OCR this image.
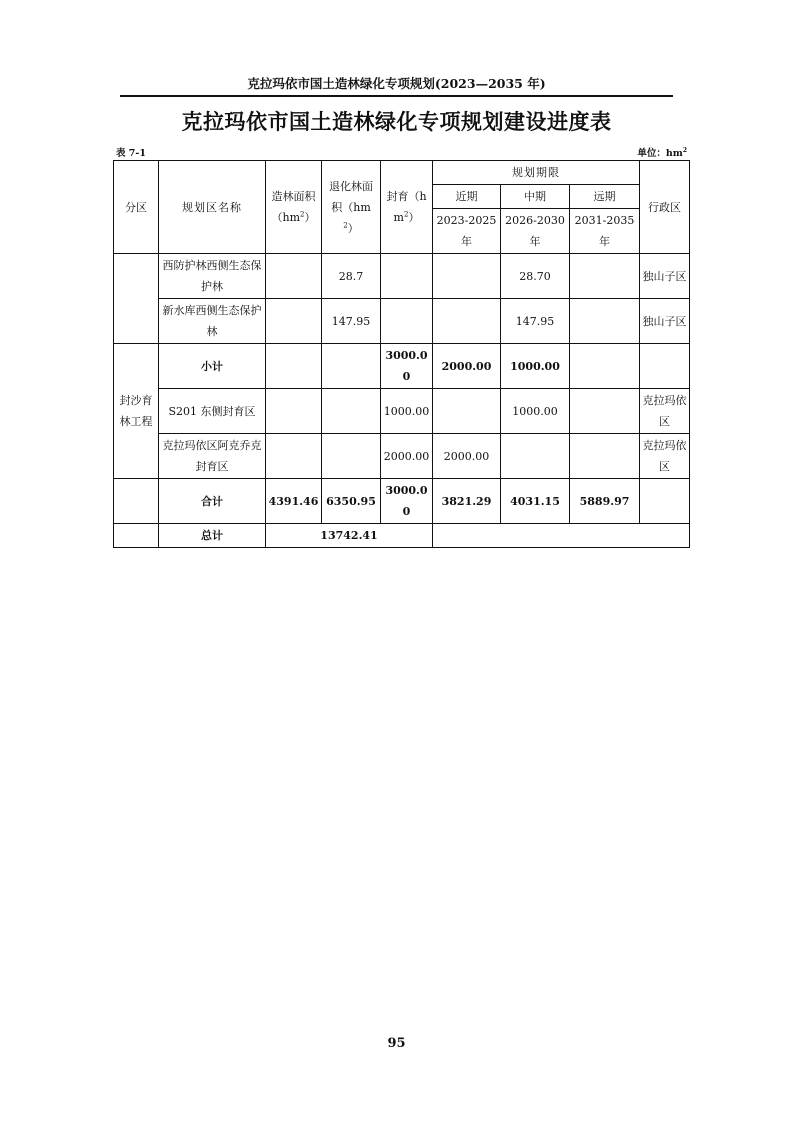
克拉玛依市国土造林绿化专项规划(2023—2035 年)
克拉玛依市国土造林绿化专项规划建设进度表
表 7-1	单位：$hm^2$
分区	规划区名称	造林面积$(hm^2)$	退化林面积$(hm^2)$	封育$(hm^2)$	规划期限			行政区
					近期	中期	远期	
					2023-2025年	2026-2030年	2031-2035年	
	西防护林西侧生态保护林		28.7			28.70		独山子区
	新水库西侧生态保护林		147.95			147.95		独山子区
封沙育林工程	小计			3000.00	2000.00	1000.00		
	S201 东侧封育区			1000.00		1000.00		克拉玛依区
	克拉玛依区阿克乔克封育区			2000.00	2000.00			克拉玛依区
	合计	4391.46	6350.95	3000.00	3821.29	4031.15	5889.97	
	总计	13742.41						
95
